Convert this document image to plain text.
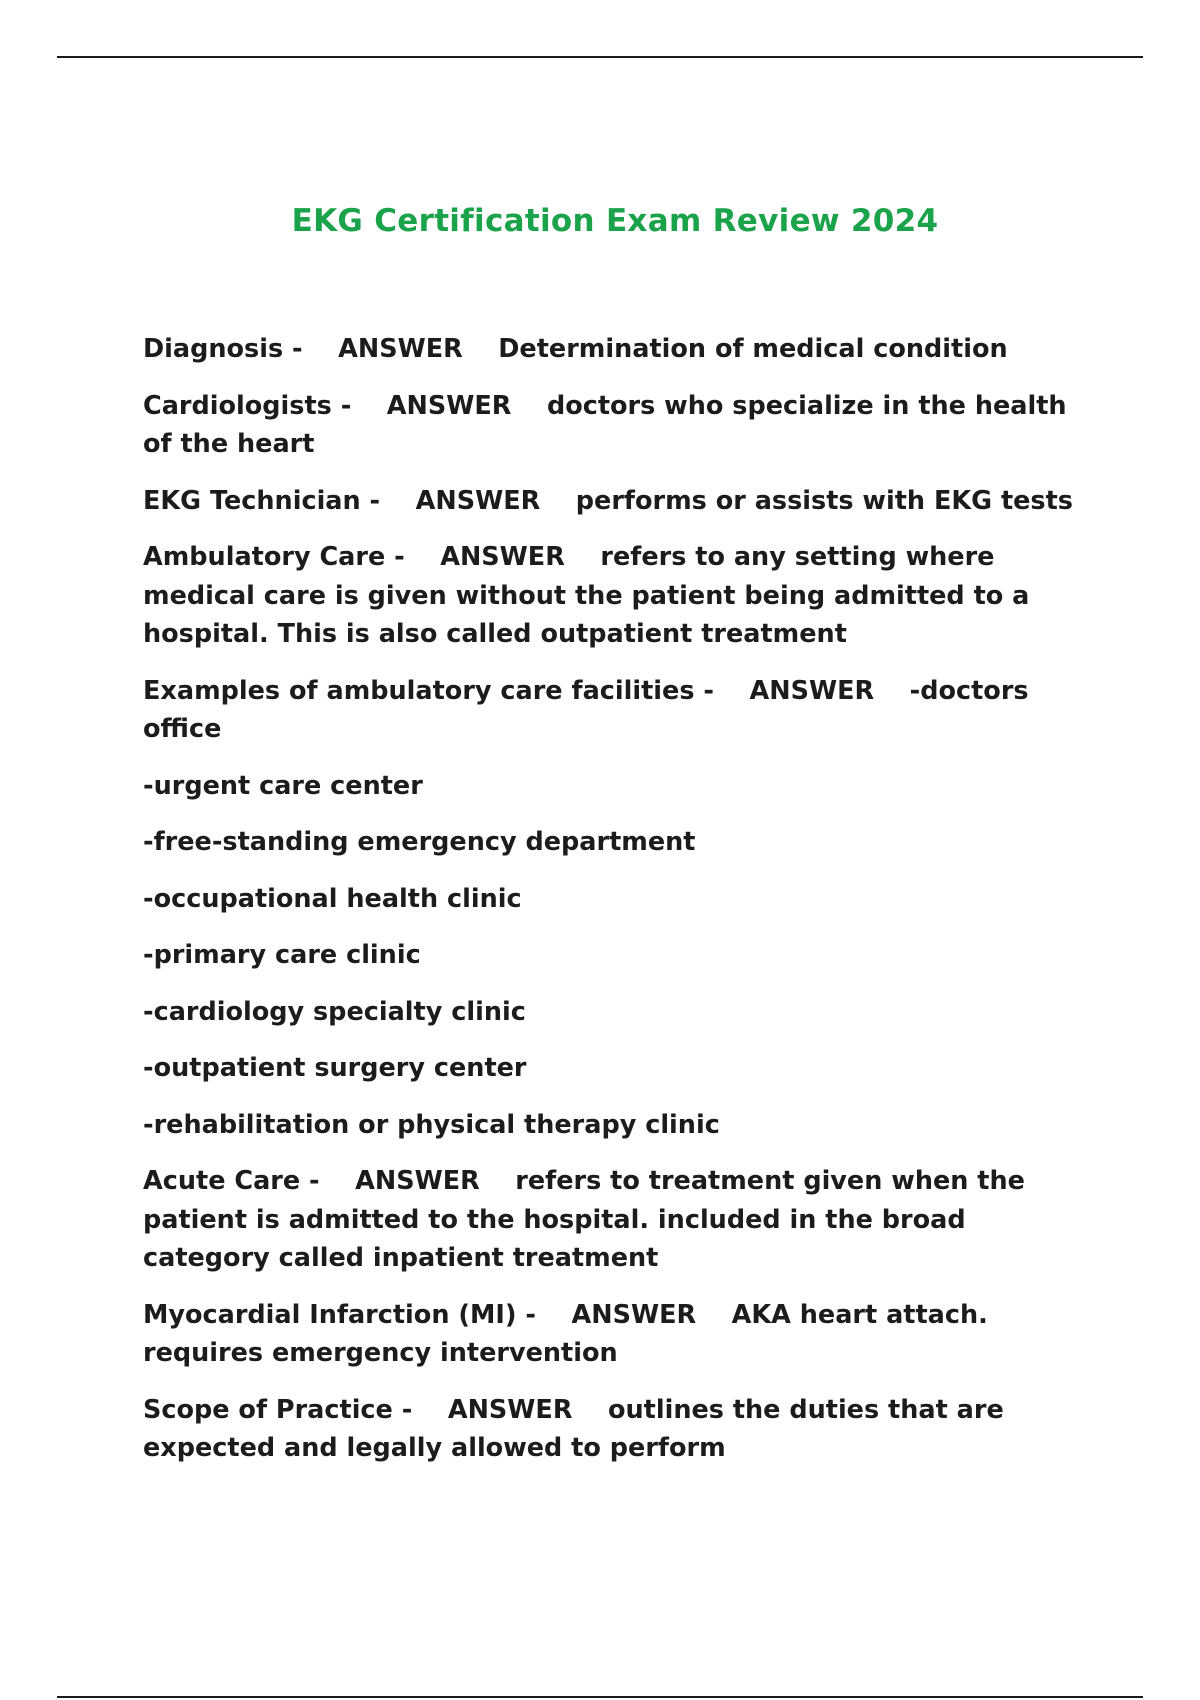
EKG Certification Exam Review 2024

Diagnosis -    ANSWER Determination of medical condition

Cardiologists -    ANSWER doctors who specialize in the health of the heart

EKG Technician -    ANSWER performs or assists with EKG tests

Ambulatory Care -    ANSWER refers to any setting where medical care is given without the patient being admitted to a hospital. This is also called outpatient treatment

Examples of ambulatory care facilities -    ANSWER -doctors office

-urgent care center

-free-standing emergency department

-occupational health clinic

-primary care clinic

-cardiology specialty clinic

-outpatient surgery center

-rehabilitation or physical therapy clinic

Acute Care -    ANSWER refers to treatment given when the patient is admitted to the hospital. included in the broad category called inpatient treatment

Myocardial Infarction (MI) -    ANSWER AKA heart attach. requires emergency intervention

Scope of Practice -    ANSWER outlines the duties that are expected and legally allowed to perform
